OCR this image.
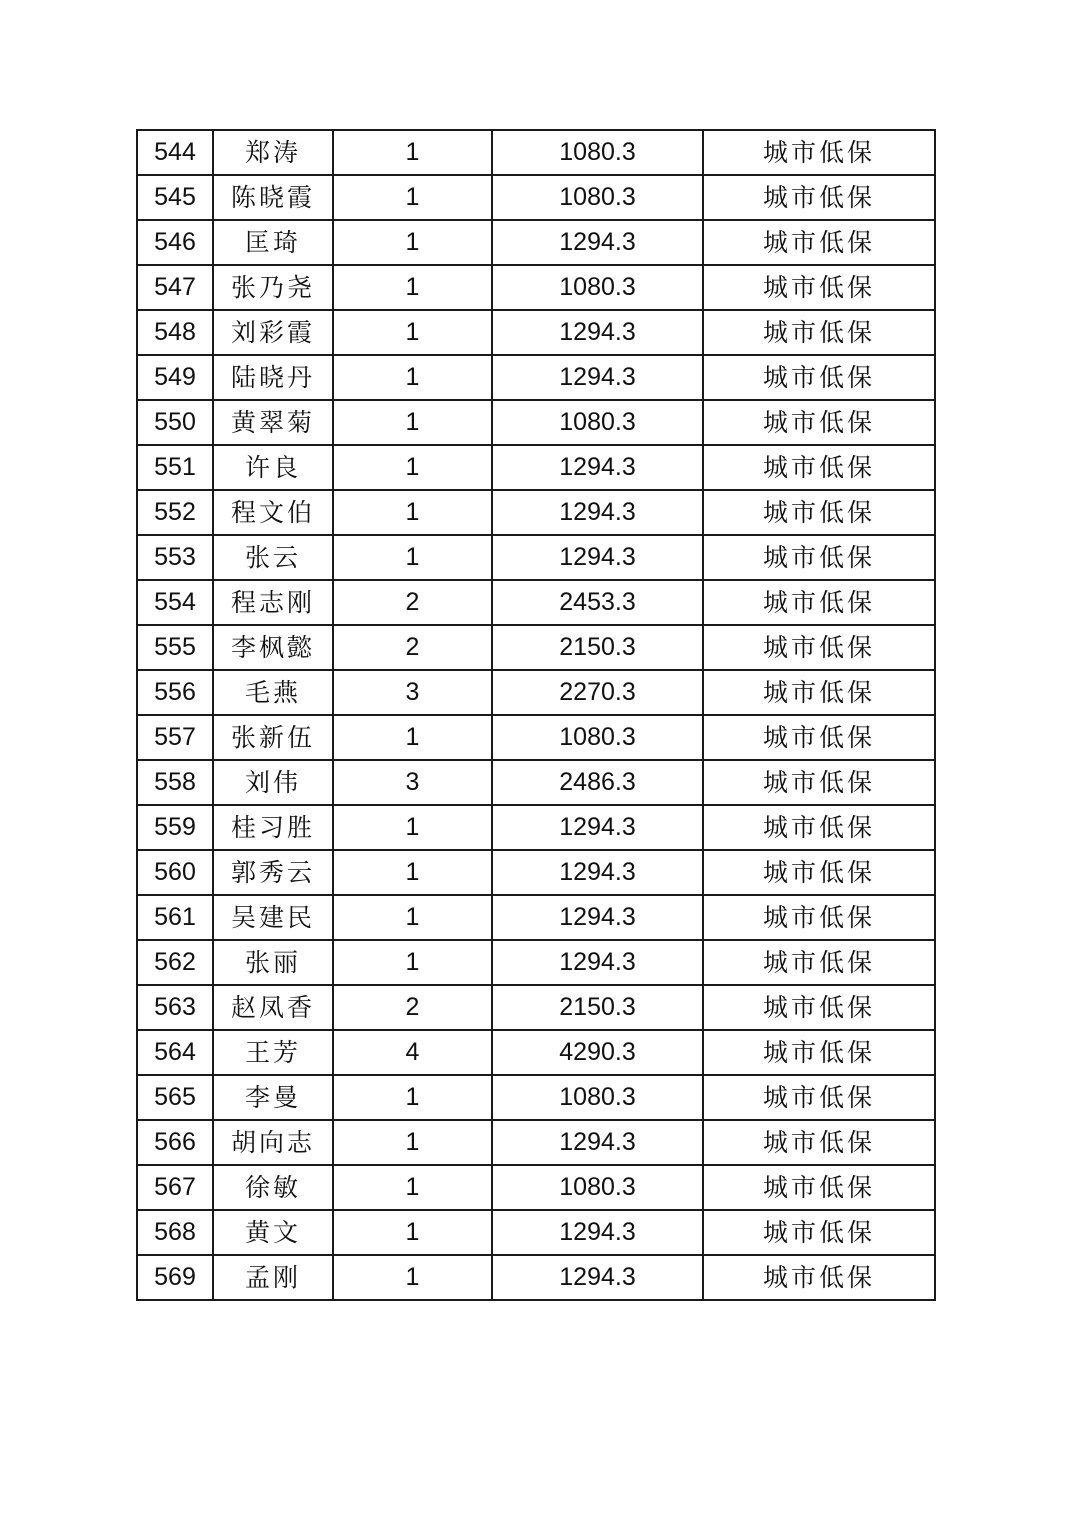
544	郑涛	1	1080.3	城市低保
545	陈晓霞	1	1080.3	城市低保
546	匡琦	1	1294.3	城市低保
547	张乃尧	1	1080.3	城市低保
548	刘彩霞	1	1294.3	城市低保
549	陆晓丹	1	1294.3	城市低保
550	黄翠菊	1	1080.3	城市低保
551	许良	1	1294.3	城市低保
552	程文伯	1	1294.3	城市低保
553	张云	1	1294.3	城市低保
554	程志刚	2	2453.3	城市低保
555	李枫懿	2	2150.3	城市低保
556	毛燕	3	2270.3	城市低保
557	张新伍	1	1080.3	城市低保
558	刘伟	3	2486.3	城市低保
559	桂习胜	1	1294.3	城市低保
560	郭秀云	1	1294.3	城市低保
561	吴建民	1	1294.3	城市低保
562	张丽	1	1294.3	城市低保
563	赵凤香	2	2150.3	城市低保
564	王芳	4	4290.3	城市低保
565	李曼	1	1080.3	城市低保
566	胡向志	1	1294.3	城市低保
567	徐敏	1	1080.3	城市低保
568	黄文	1	1294.3	城市低保
569	孟刚	1	1294.3	城市低保
